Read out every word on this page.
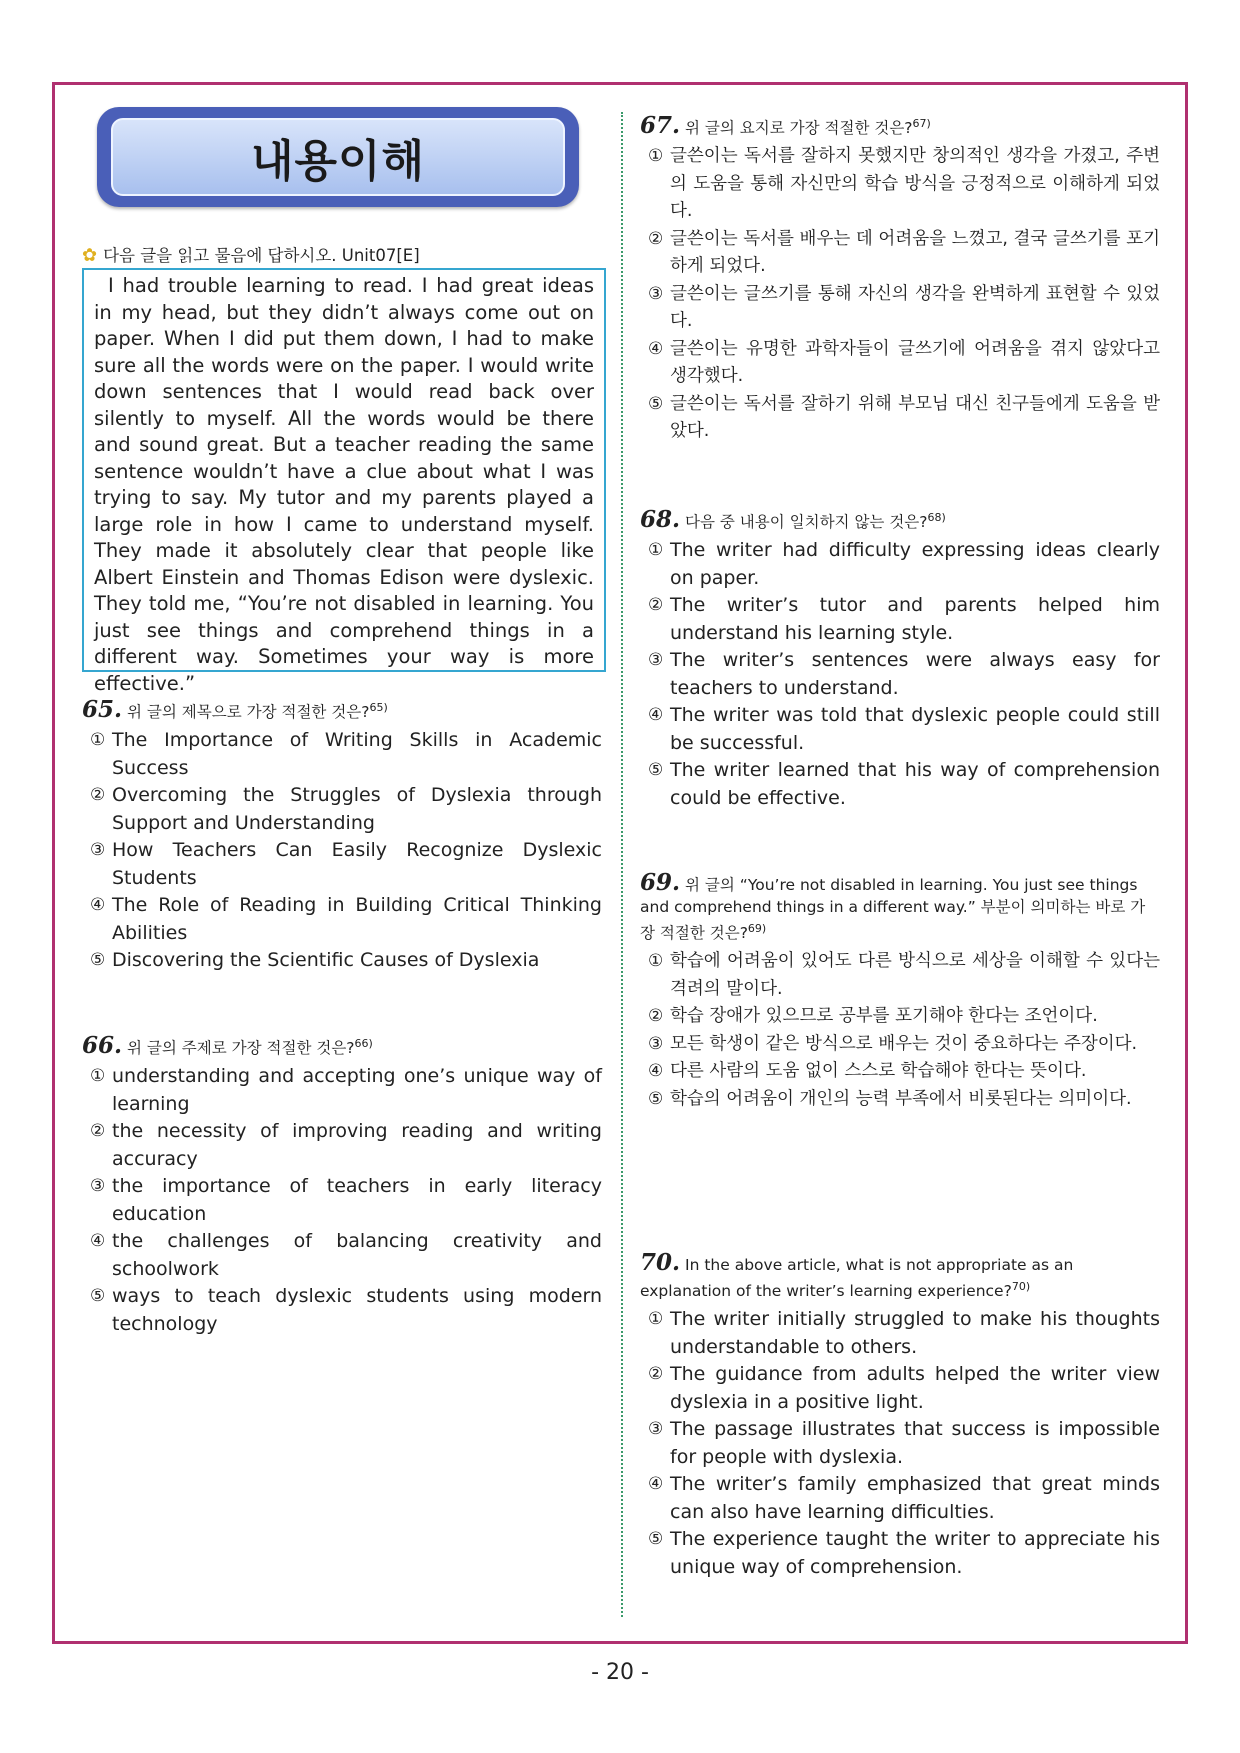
내용이해
✿ 다음 글을 읽고 물음에 답하시오. Unit07[E]

I had trouble learning to read. I had great ideas in my head, but they didn’t always come out on paper. When I did put them down, I had to make sure all the words were on the paper. I would write down sentences that I would read back over silently to myself. All the words would be there and sound great. But a teacher reading the same sentence wouldn’t have a clue about what I was trying to say. My tutor and my parents played a large role in how I came to understand myself. They made it absolutely clear that people like Albert Einstein and Thomas Edison were dyslexic. They told me, “You’re not disabled in learning. You just see things and comprehend things in a different way. Sometimes your way is more effective.”

65. 위 글의 제목으로 가장 적절한 것은?$^{65)}$
① The Importance of Writing Skills in Academic Success
② Overcoming the Struggles of Dyslexia through Support and Understanding
③ How Teachers Can Easily Recognize Dyslexic Students
④ The Role of Reading in Building Critical Thinking Abilities
⑤ Discovering the Scientific Causes of Dyslexia
66. 위 글의 주제로 가장 적절한 것은?$^{66)}$
① understanding and accepting one’s unique way of learning
② the necessity of improving reading and writing accuracy
③ the importance of teachers in early literacy education
④ the challenges of balancing creativity and schoolwork
⑤ ways to teach dyslexic students using modern technology
67. 위 글의 요지로 가장 적절한 것은?$^{67)}$
① 글쓴이는 독서를 잘하지 못했지만 창의적인 생각을 가졌고, 주변의 도움을 통해 자신만의 학습 방식을 긍정적으로 이해하게 되었다.
② 글쓴이는 독서를 배우는 데 어려움을 느꼈고, 결국 글쓰기를 포기하게 되었다.
③ 글쓴이는 글쓰기를 통해 자신의 생각을 완벽하게 표현할 수 있었다.
④ 글쓴이는 유명한 과학자들이 글쓰기에 어려움을 겪지 않았다고 생각했다.
⑤ 글쓴이는 독서를 잘하기 위해 부모님 대신 친구들에게 도움을 받았다.
68. 다음 중 내용이 일치하지 않는 것은?$^{68)}$
① The writer had difficulty expressing ideas clearly on paper.
② The writer’s tutor and parents helped him understand his learning style.
③ The writer’s sentences were always easy for teachers to understand.
④ The writer was told that dyslexic people could still be successful.
⑤ The writer learned that his way of comprehension could be effective.
69. 위 글의 “You’re not disabled in learning. You just see things and comprehend things in a different way.” 부분이 의미하는 바로 가장 적절한 것은?$^{69)}$
① 학습에 어려움이 있어도 다른 방식으로 세상을 이해할 수 있다는 격려의 말이다.
② 학습 장애가 있으므로 공부를 포기해야 한다는 조언이다.
③ 모든 학생이 같은 방식으로 배우는 것이 중요하다는 주장이다.
④ 다른 사람의 도움 없이 스스로 학습해야 한다는 뜻이다.
⑤ 학습의 어려움이 개인의 능력 부족에서 비롯된다는 의미이다.
70. In the above article, what is not appropriate as an explanation of the writer’s learning experience?$^{70)}$
① The writer initially struggled to make his thoughts understandable to others.
② The guidance from adults helped the writer view dyslexia in a positive light.
③ The passage illustrates that success is impossible for people with dyslexia.
④ The writer’s family emphasized that great minds can also have learning difficulties.
⑤ The experience taught the writer to appreciate his unique way of comprehension.
- 20 -
